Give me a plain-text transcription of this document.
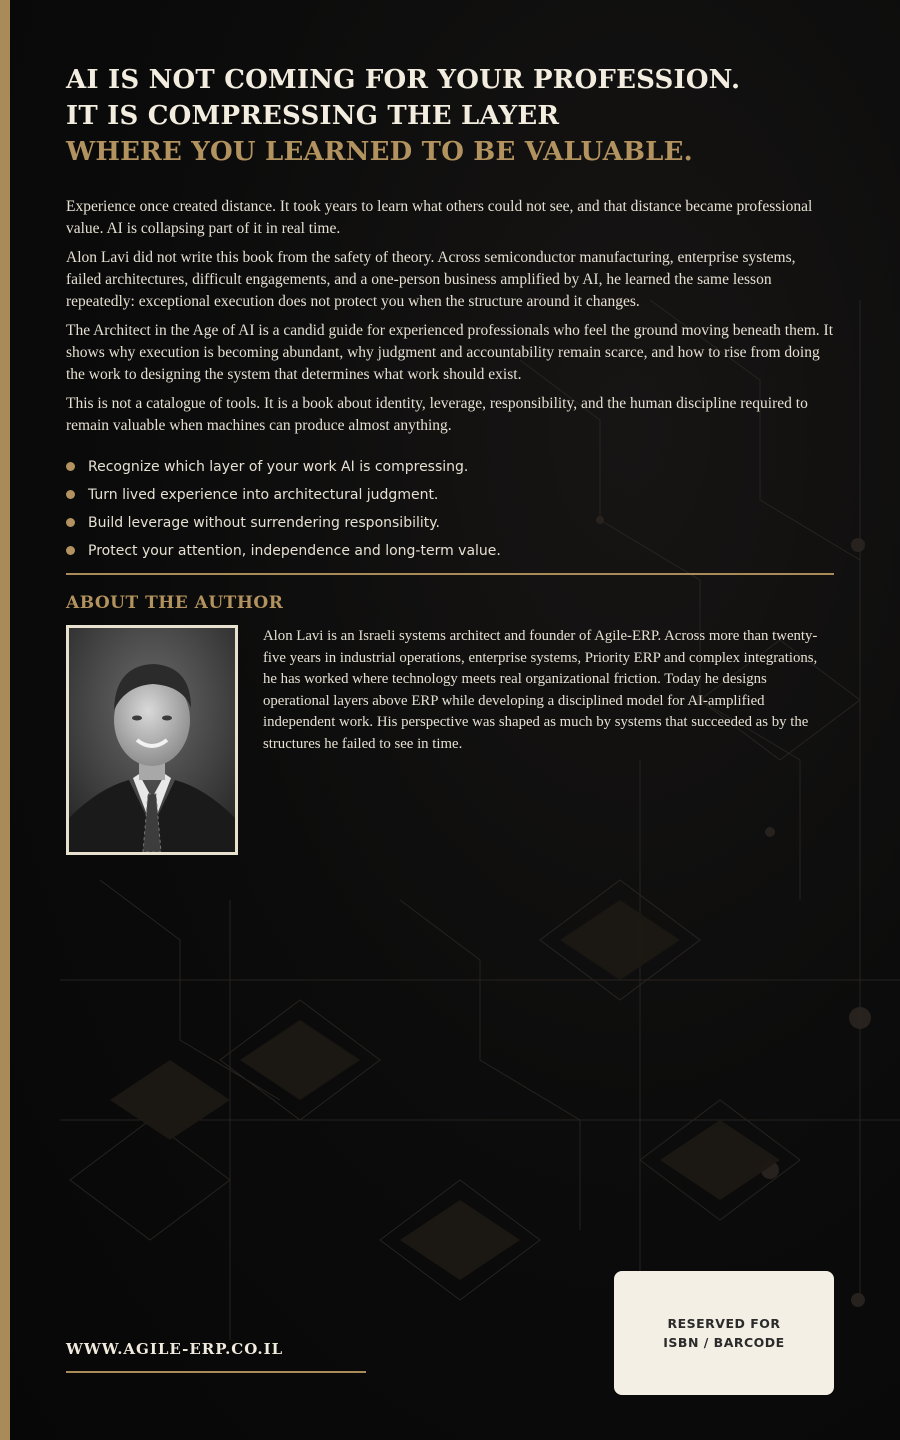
AI IS NOT COMING FOR YOUR PROFESSION.
IT IS COMPRESSING THE LAYER
WHERE YOU LEARNED TO BE VALUABLE.

Experience once created distance. It took years to learn what others could not see, and that distance became professional value. AI is collapsing part of it in real time.

Alon Lavi did not write this book from the safety of theory. Across semiconductor manufacturing, enterprise systems, failed architectures, difficult engagements, and a one-person business amplified by AI, he learned the same lesson repeatedly: exceptional execution does not protect you when the structure around it changes.

The Architect in the Age of AI is a candid guide for experienced professionals who feel the ground moving beneath them. It shows why execution is becoming abundant, why judgment and accountability remain scarce, and how to rise from doing the work to designing the system that determines what work should exist.

This is not a catalogue of tools. It is a book about identity, leverage, responsibility, and the human discipline required to remain valuable when machines can produce almost anything.

Recognize which layer of your work AI is compressing.
Turn lived experience into architectural judgment.
Build leverage without surrendering responsibility.
Protect your attention, independence and long-term value.
ABOUT THE AUTHOR

Alon Lavi is an Israeli systems architect and founder of Agile-ERP. Across more than twenty-five years in industrial operations, enterprise systems, Priority ERP and complex integrations, he has worked where technology meets real organizational friction. Today he designs operational layers above ERP while developing a disciplined model for AI-amplified independent work. His perspective was shaped as much by systems that succeeded as by the structures he failed to see in time.

WWW.AGILE-ERP.CO.IL

RESERVED FOR
ISBN / BARCODE
